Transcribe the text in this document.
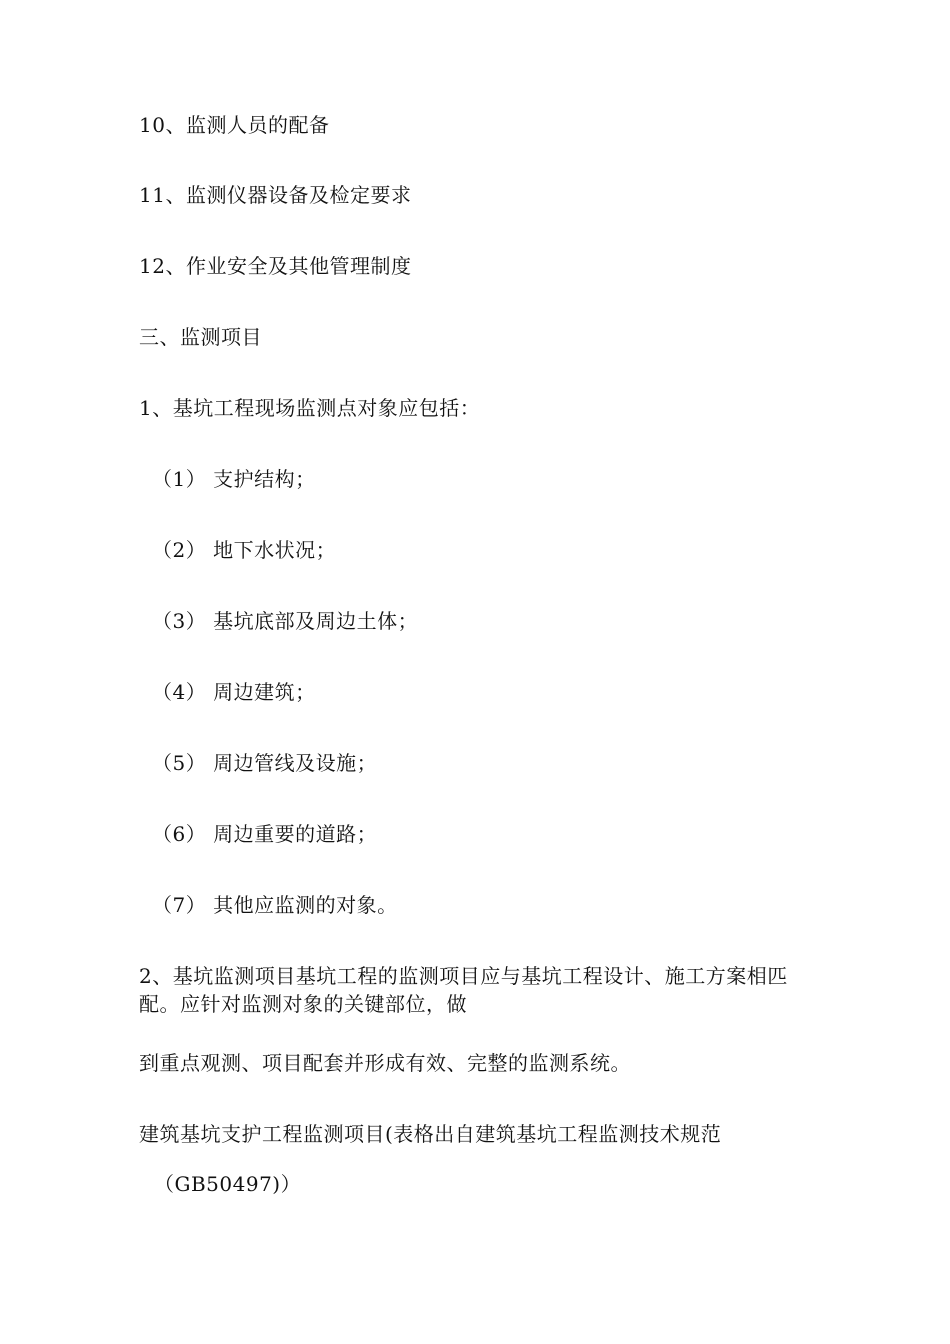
10、监测人员的配备
11、监测仪器设备及检定要求
12、作业安全及其他管理制度
三、监测项目
1、基坑工程现场监测点对象应包括：
（1） 支护结构；
（2） 地下水状况；
（3） 基坑底部及周边土体；
（4） 周边建筑；
（5） 周边管线及设施；
（6） 周边重要的道路；
（7） 其他应监测的对象。
2、基坑监测项目基坑工程的监测项目应与基坑工程设计、施工方案相匹
配。应针对监测对象的关键部位，做
到重点观测、项目配套并形成有效、完整的监测系统。
建筑基坑支护工程监测项目(表格出自建筑基坑工程监测技术规范
（GB50497)）
